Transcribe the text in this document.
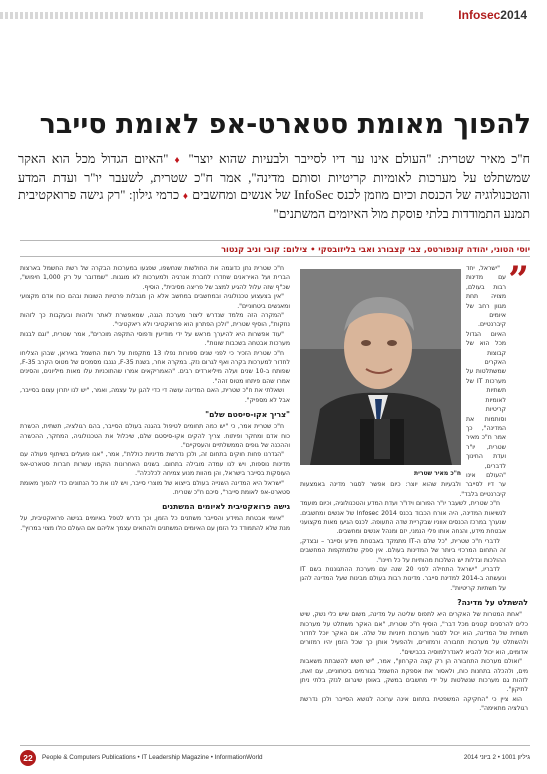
Infosec2014
להפוך מאומת סטארט-אפ לאומת סייבר
ח"כ מאיר שטרית: "העולם אינו ער דיו לסייבר ולבעיות שהוא יוצר" ♦ "האיום הגדול מכל הוא האקר שמשתלט על מערכות לאומיות קריטיות וסותם מדינה", אמר ח"כ שטרית, לשעבר יו"ר ועדת המדע והטכנולוגיה של הכנסת וכיום מוזמן לכנס InfoSec של אנשים ומחשבים ♦ כרמי גילון: "רק גישה פרואקטיבית תמנע התמודדות בלתי פוסקת מול האיומים המשתנים"
יוסי הטוני, יהודה קונפורטס, צבי קצבורג ואבי בליזובסקי • צילום: קובי וניב קנטור
”
ח"כ מאיר שטרית

"ישראל, יחד עם מדינות רבות בעולם, מצויה תחת מגוון רחב של איומים קיברנטיים. האיום הגדול מכל הוא של קבוצות האקרים שמשתלטות על מערכות IT של תשתיות לאומיות קריטיות וסותמות את המדינה", כך אמר ח"כ מאיר שטרית, יו"ר ועדת החינוך לדברים, "העולם אינו ער דיו לסייבר ולבעיות שהוא יוצר: כיום אפשר לסגור מדינה באמצעות קיברנטיים בלבד".

ח"כ שטרית, לשעבר יו"ר הפורום וידו"ר ועדת המדע והטכנולוגיה, וכיום מועמד לנשיאות המדינה, היה אורח הכבוד בכנס Infosec 2014 של אנשים ומחשבים. שנערך במרכז הכנסים אווניו שבקריית שדה התעופה. לכנס הגיעו מאות מקצועני אבטחת מידע, והנחה אותו פלי הנמני, יזם ומנהל אנשים ומחשבים.

לדברי ח"כ שטרית, "כל שלם ה-IT מתמקד באבטחת מידע וסייבר – ובצדק, זה התחום המרכזי ביותר של המדינות בעולם. אין ספק שלמתקפות המחשבים ההולכות וגדלות יש השלכות מהותיות על כל חיינו".

לדבריו, "ישראל התחילה לפני 20 שנה עם מערכת ההתגוננות בשם IT ונעשתה ב-2014 למדינת סייבר. מדינות רבות בעולם מבינות שעל המדינה להגן על תשתיות קריטיות".

להשתלט על מדינה?

"אחת המטרות של האקרים היא לתפוס שליטה על מדינה, משום שיש כלי נשק, שיש כלים להרסנים קטנים מכל דבר", הוסיף ח"כ שטרית, "אם האקר משתלט על מערכות תשתית של המדינה, הוא יכול לסגור מערכות חיוניות של שלה. אם האקר יוכל לחדור ולהשתלט על מערכות תחבורה ורמזורים, ולהפעיל אותן כך שכל הזמן יהיו רמזורים אדומים, הוא יכול להביא לאנדרלמוסיה בכבישים".

"ואולם מערכות התחבורה הן רק קצה הקרחון", אמר, "יש חשש להשבתת משאבות מים, ולהכלה בתחנות כוח, ולאסור את אספקת החשמל בגורמים ביטחוניים, עם זאת, לזהות גם מערכות שנשלטות על ידי מחשבים במשק, באופן שיגרום לנזק בלתי ניתן לתיקון".

הוא ציין כי "החקיקה המשפטית בתחום אינה ערוכה לנושא הסייבר ולכן נדרשת רגולציה מתאימה".

ח"כ שטרית נתן כדוגמה את החולשות שנחשפו, שפגעו במערכות הבקרה של רשת החשמל בארצות הברית ועל האיראנים שחדרו לחברת אנרגיה ולמערכות לא מוגנות. "שמדובר על רק 1,000 חיפוש", שכ"ף שזה עלול להגיע למצב של פריצה מסיבית", הוסיף.

"אין בצעצוע טכנולוגיה ובמחשבים במחשב אלא הן מגבלות פרטיות השונות ובהם כוח אדם מקצועי ומאנשים ביטחוניים".

"המקרה הזה מלמד שנדרש ליצור מערכת הגנה, שמאפשרת לאתר ולזהות ובעקבות כך לזהות נוזקות", הוסיף שטרית, "ולכן הפתרון הוא פרואקטיבי ולא ריאקטיבי".

"עוד אפשרות היא להיערך מראש על ידי מודיעין ודפוסי התקפה מוכרים", אמר שטרית, "וגם לבנות מערכות אבטחה בשכבות שונות".

ח"כ שטרית הזכיר כי לפני שנים ספורות נפלו 13 מתקפות על רשת החשמל באיראן, שבהן הצליחו לחדור למערכות בקרה ואף לגרום נזק. במקרה אחר, בשנת F-35, נגנבו מסמכים של מטוס הקרב F-35, שפותח ב-10 שנים ועלה מיליארדים רבים. "האמריקאים אמרו שהתוכניות עלו מאות מיליונים, והסינים אמרו שהם פיתחו מטוס זהה".

ושאלתי את ח"כ שטרית, האם המדינה עושה די כדי להגן על עצמה, ואמר, "יש לנו יתרון עצום בסייבר, אבל לא מספיק".

"צריך אקו-סיסטם שלם"

ח"כ שטרית אמר, כי "יש כמה תחומים לטיפול בהגנה בעולם הסייבר, בהם רגולציה, תשתית, הכשרת כוח אדם ומחקר ופיתוח. צריך להקים אקו-סיסטם שלם, שיכלול את הטכנולוגיה, המחקר, ההכשרה וההכנה של גופים הממשלתיים והעסקיים".

"הגדרנו פחות חוקים בתחום זה, ולכן נדרשת מדיניות כוללת", אמר, "אנו פועלים בשיתוף פעולה עם מדינות נוספות, ויש לנו עמדה מובילה בתחום. בשנים האחרונות הוקמו עשרות חברות סטארט-אפ העוסקות בסייבר בישראל, והן מהוות מנוע צמיחה לכלכלה".

"ישראל היא המדינה השנייה בעולם בייצוא של מוצרי סייבר, ויש לנו את כל הנתונים כדי להפוך מאומת סטארט-אפ לאומת סייבר", סיכם ח"כ שטרית.

גישה פרואקטיבית לאיומים המשתנים

"איומי אבטחת המידע והסייבר משתנים כל הזמן, וכך נדרש לטפל באיומים בגישה פרואקטיבית, על מנת שלא להתמודד כל הזמן עם האיומים המשתנים ולהתאים עצמך אליהם אם העולם כולו מצוי במרוץ".

22	People & Computers Publications • IT Leadership Magazine • InformationWorld	גיליון 1001 • 2 ביוני 2014
